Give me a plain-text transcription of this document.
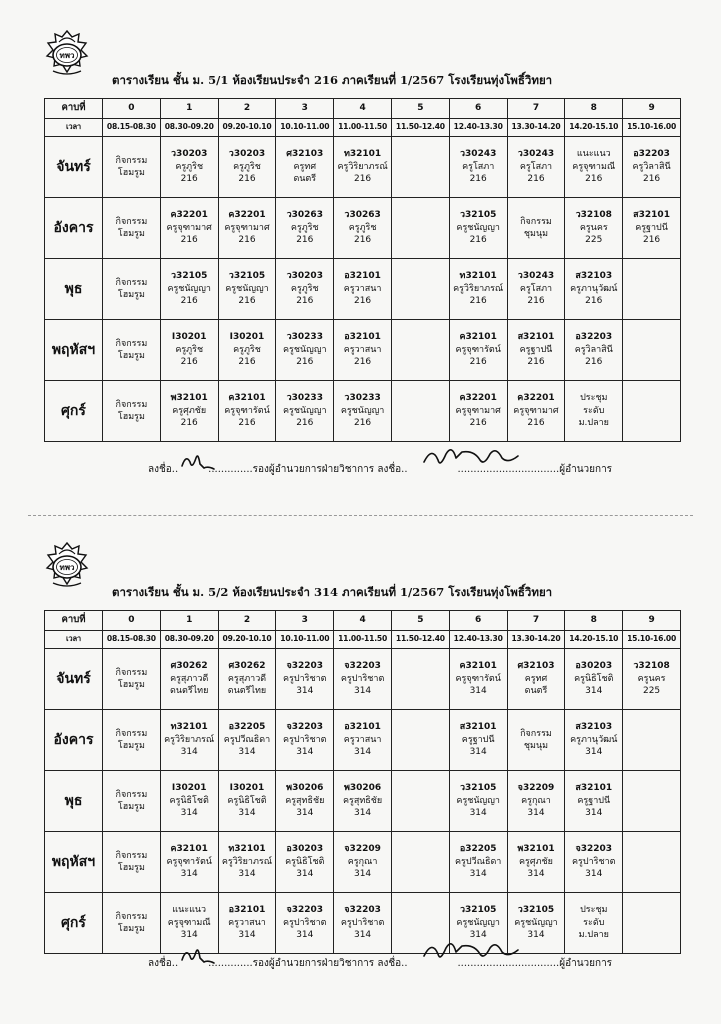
ทพว
ตารางเรียน ชั้น ม. 5/1 ห้องเรียนประจำ 216 ภาคเรียนที่ 1/2567 โรงเรียนทุ่งโพธิ์วิทยา
คาบที่	0	1	2	3	4	5	6	7	8	9
เวลา	08.15-08.30	08.30-09.20	09.20-10.10	10.10-11.00	11.00-11.50	11.50-12.40	12.40-13.30	13.30-14.20	14.20-15.10	15.10-16.00
จันทร์	กิจกรรม
โฮมรูม	ว30203
ครูภูริช
216	ว30203
ครูภูริช
216	ศ32103
ครูทศ
ดนตรี	ท32101
ครูวิริยาภรณ์
216		ว30243
ครูโสภา
216	ว30243
ครูโสภา
216	แนะแนว
ครูจุฑามณี
216	อ32203
ครูวิลาสินี
216

อังคาร	กิจกรรม
โฮมรูม	ค32201
ครูจุฑามาศ
216	ค32201
ครูจุฑามาศ
216	ว30263
ครูภูริช
216	ว30263
ครูภูริช
216		ว32105
ครูชนัญญา
216	กิจกรรม
ชุมนุม	ว32108
ครูนคร
225	ส32101
ครูฐาปนี
216

พุธ	กิจกรรม
โฮมรูม	ว32105
ครูชนัญญา
216	ว32105
ครูชนัญญา
216	ว30203
ครูภูริช
216	อ32101
ครูวาสนา
216		ท32101
ครูวิริยาภรณ์
216	ว30243
ครูโสภา
216	ส32103
ครูภานุวัฒน์
216	

พฤหัสฯ	กิจกรรม
โฮมรูม	I30201
ครูภูริช
216	I30201
ครูภูริช
216	ว30233
ครูชนัญญา
216	อ32101
ครูวาสนา
216		ค32101
ครูจุฑารัตน์
216	ส32101
ครูฐาปนี
216	อ32203
ครูวิลาสินี
216	

ศุกร์	กิจกรรม
โฮมรูม	พ32101
ครูศุภชัย
216	ค32101
ครูจุฑารัตน์
216	ว30233
ครูชนัญญา
216	ว30233
ครูชนัญญา
216		ค32201
ครูจุฑามาศ
216	ค32201
ครูจุฑามาศ
216	ประชุม
ระดับ
ม.ปลาย	

ลงชื่อ..	..............รองผู้อำนวยการฝ่ายวิชาการ ลงชื่อ..	................................ผู้อำนวยการ
ทพว
ตารางเรียน ชั้น ม. 5/2 ห้องเรียนประจำ 314 ภาคเรียนที่ 1/2567 โรงเรียนทุ่งโพธิ์วิทยา
คาบที่	0	1	2	3	4	5	6	7	8	9
เวลา	08.15-08.30	08.30-09.20	09.20-10.10	10.10-11.00	11.00-11.50	11.50-12.40	12.40-13.30	13.30-14.20	14.20-15.10	15.10-16.00
จันทร์	กิจกรรม
โฮมรูม	ศ30262
ครูสุภาวดี
ดนตรีไทย	ศ30262
ครูสุภาวดี
ดนตรีไทย	จ32203
ครูปาริชาต
314	จ32203
ครูปาริชาต
314		ค32101
ครูจุฑารัตน์
314	ศ32103
ครูทศ
ดนตรี	อ30203
ครูนิธิโชติ
314	ว32108
ครูนคร
225

อังคาร	กิจกรรม
โฮมรูม	ท32101
ครูวิริยาภรณ์
314	อ32205
ครูปวีณธิดา
314	จ32203
ครูปาริชาต
314	อ32101
ครูวาสนา
314		ส32101
ครูฐาปนี
314	กิจกรรม
ชุมนุม	ส32103
ครูภานุวัฒน์
314	

พุธ	กิจกรรม
โฮมรูม	I30201
ครูนิธิโชติ
314	I30201
ครูนิธิโชติ
314	พ30206
ครูสุทธิชัย
314	พ30206
ครูสุทธิชัย
314		ว32105
ครูชนัญญา
314	จ32209
ครูกุณา
314	ส32101
ครูฐาปนี
314	

พฤหัสฯ	กิจกรรม
โฮมรูม	ค32101
ครูจุฑารัตน์
314	ท32101
ครูวิริยาภรณ์
314	อ30203
ครูนิธิโชติ
314	จ32209
ครูกุณา
314		อ32205
ครูปวีณธิดา
314	พ32101
ครูศุภชัย
314	จ32203
ครูปาริชาต
314	

ศุกร์	กิจกรรม
โฮมรูม	แนะแนว
ครูจุฑามณี
314	อ32101
ครูวาสนา
314	จ32203
ครูปาริชาต
314	จ32203
ครูปาริชาต
314		ว32105
ครูชนัญญา
314	ว32105
ครูชนัญญา
314	ประชุม
ระดับ
ม.ปลาย	

ลงชื่อ..	..............รองผู้อำนวยการฝ่ายวิชาการ ลงชื่อ..	................................ผู้อำนวยการ
